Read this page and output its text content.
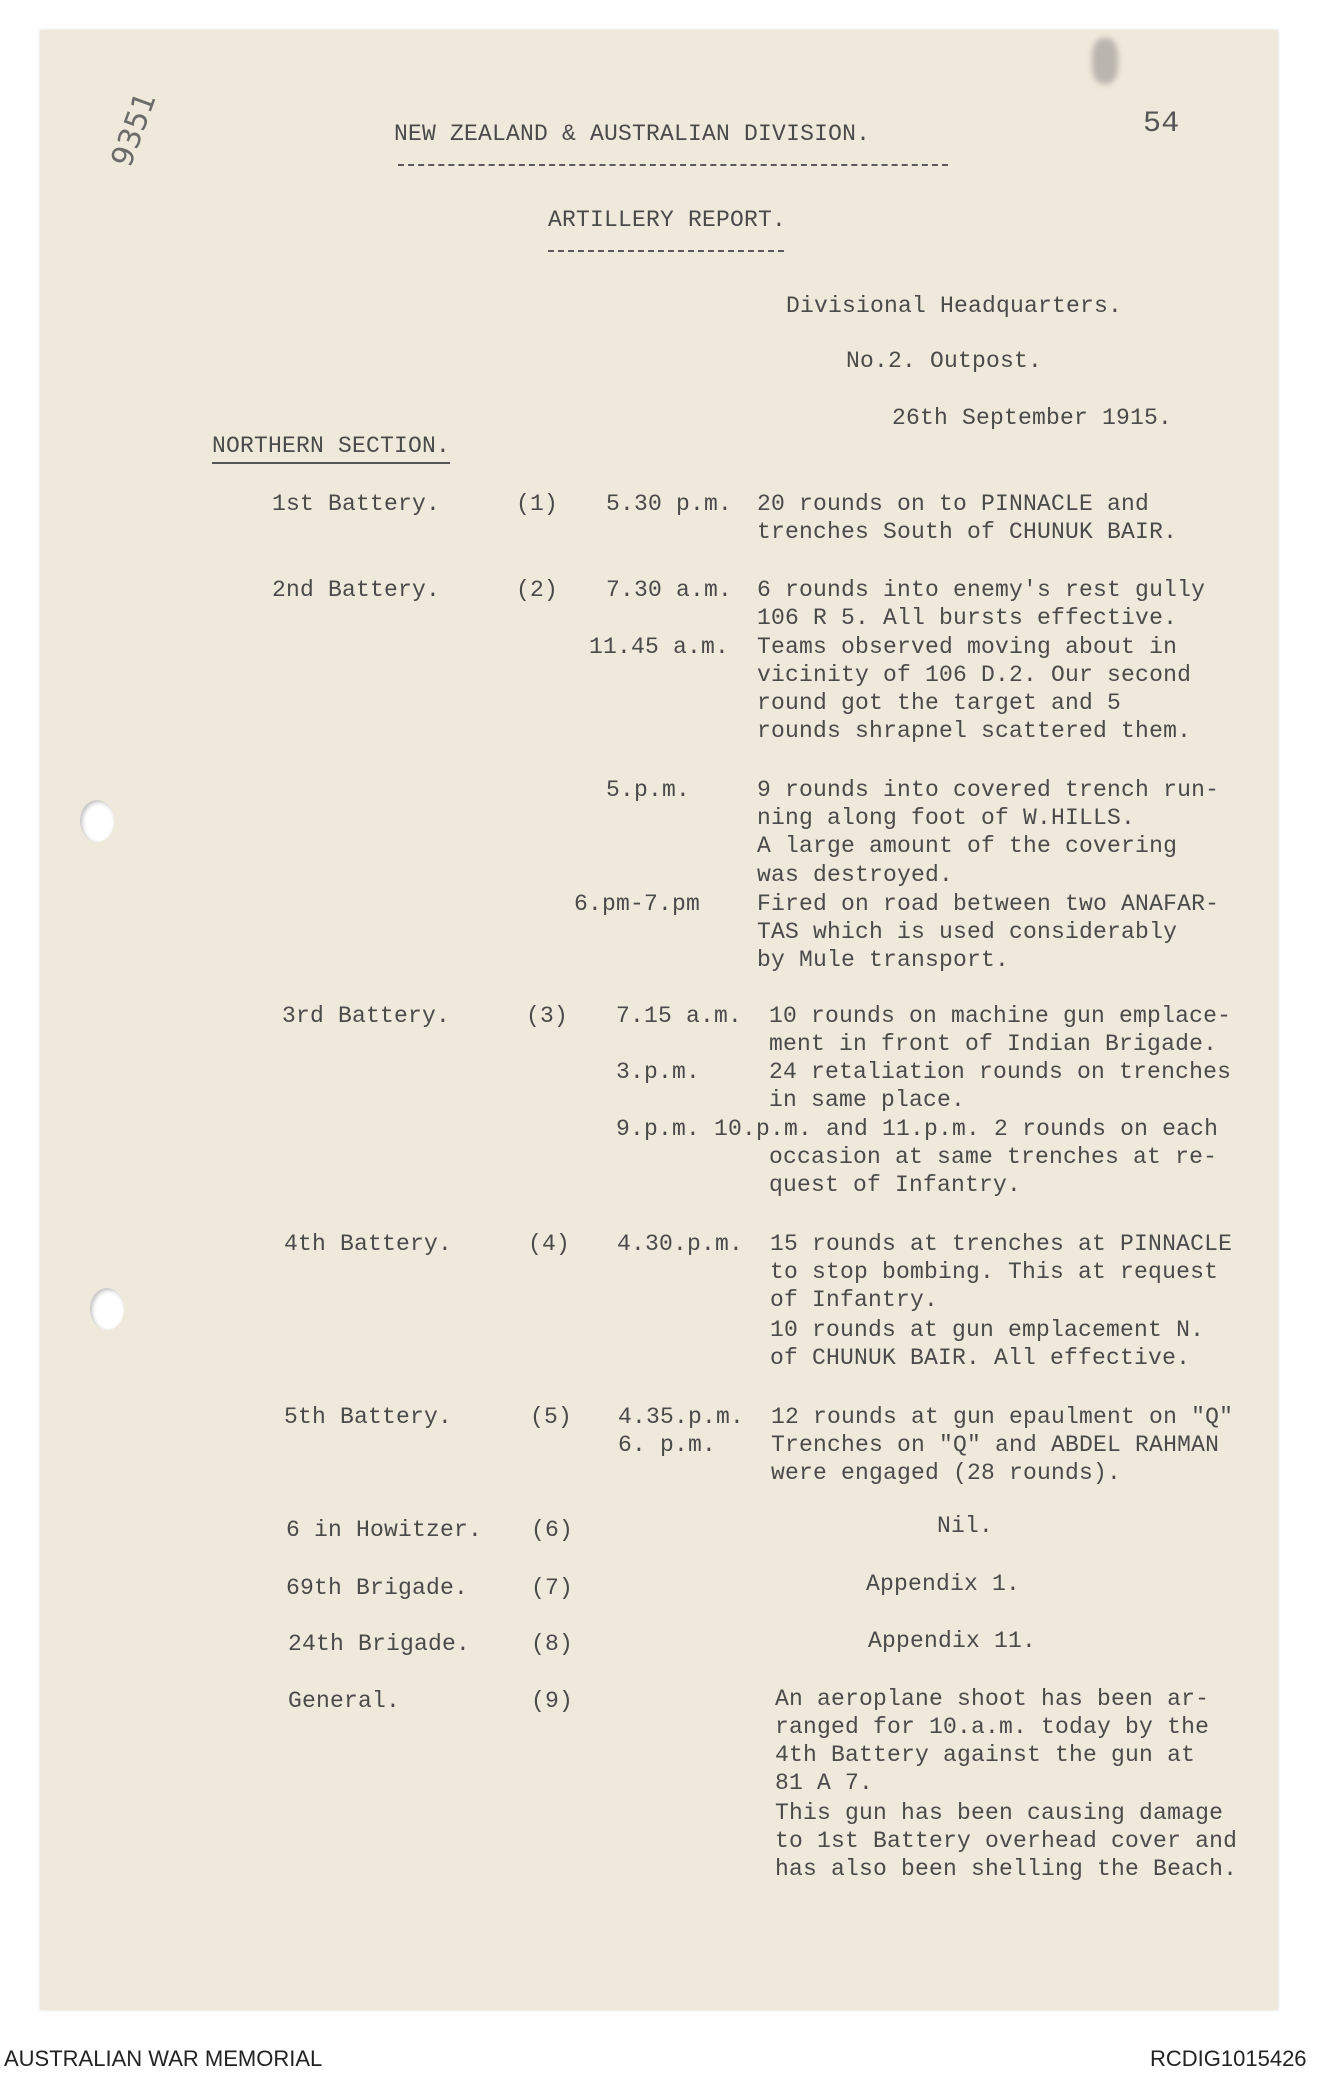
9351	54
NEW ZEALAND & AUSTRALIAN DIVISION.
ARTILLERY REPORT.
Divisional Headquarters.
No.2. Outpost.
26th September 1915.
NORTHERN SECTION.
1st Battery.	(1) 5.30 p.m. 20 rounds on to PINNACLE and
trenches South of CHUNUK BAIR.
2nd Battery.	(2) 7.30 a.m. 6 rounds into enemy's rest gully
106 R 5. All bursts effective.
11.45 a.m. Teams observed moving about in
vicinity of 106 D.2. Our second
round got the target and 5
rounds shrapnel scattered them.
5.p.m.	9 rounds into covered trench run-
ning along foot of W.HILLS.
A large amount of the covering
was destroyed.
6.pm-7.pm Fired on road between two ANAFAR-
TAS which is used considerably
by Mule transport.
3rd Battery.	(3) 7.15 a.m. 10 rounds on machine gun emplace-
ment in front of Indian Brigade.
3.p.m.	24 retaliation rounds on trenches
in same place.
9.p.m. 10.p.m. and 11.p.m. 2 rounds on each
occasion at same trenches at re-
quest of Infantry.
4th Battery.	(4) 4.30.p.m. 15 rounds at trenches at PINNACLE
to stop bombing. This at request
of Infantry.
10 rounds at gun emplacement N.
of CHUNUK BAIR. All effective.
5th Battery.	(5) 4.35.p.m. 12 rounds at gun epaulment on "Q"
6. p.m. Trenches on "Q" and ABDEL RAHMAN
were engaged (28 rounds).
6 in Howitzer. (6)	Nil.
69th Brigade.	(7)	Appendix 1.
24th Brigade.	(8)	Appendix 11.
General.	(9)	An aeroplane shoot has been ar-
ranged for 10.a.m. today by the
4th Battery against the gun at
81 A 7.
This gun has been causing damage
to 1st Battery overhead cover and
has also been shelling the Beach.
AUSTRALIAN WAR MEMORIAL	RCDIG1015426
